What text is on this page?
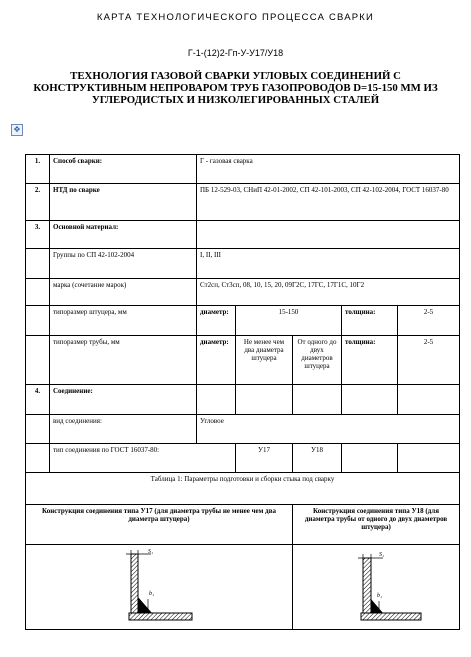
КАРТА ТЕХНОЛОГИЧЕСКОГО ПРОЦЕССА СВАРКИ
Г-1-(12)2-Гп-У-У17/У18
ТЕХНОЛОГИЯ ГАЗОВОЙ СВАРКИ УГЛОВЫХ СОЕДИНЕНИЙ С КОНСТРУКТИВНЫМ НЕПРОВАРОМ ТРУБ ГАЗОПРОВОДОВ D=15-150 ММ ИЗ УГЛЕРОДИСТЫХ И НИЗКОЛЕГИРОВАННЫХ СТАЛЕЙ
✥
1.	Способ сварки:	Г - газовая сварка				
2.	НТД по сварке	ПБ 12-529-03, СНиП 42-01-2002, СП 42-101-2003, СП 42-102-2004, ГОСТ 16037-80				
3.	Основной материал:					
	Группы по СП 42-102-2004	I, II, III				
	марка (сочетание марок)	Ст2сп, Ст3сп, 08, 10, 15, 20, 09Г2С, 17ГС, 17Г1С, 10Г2				
	типоразмер штуцера, мм	диаметр:	15-150		толщина:	2-5
	типоразмер трубы, мм	диаметр:	Не менее чем два диаметра штуцера	От одного до двух диаметров штуцера	толщина:	2-5
4.	Соединение:					
	вид соединения:	Угловое				
	тип соединения по ГОСТ 16037-80:		У17	У18		
Таблица 1: Параметры подготовки и сборки стыка под сварку						
Конструкция соединения типа У17 (для диаметра трубы не менее чем два диаметра штуцера)				Конструкция соединения типа У18 (для диаметра трубы от одного до двух диаметров штуцера)		

S₁
b₁				S₁
b₁		
